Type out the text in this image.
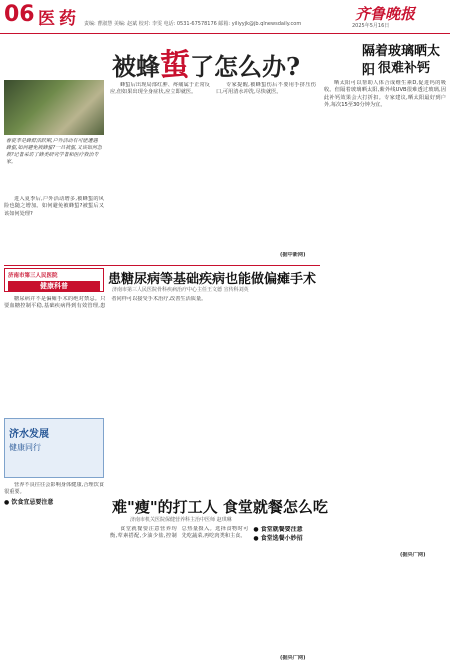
06 医药 责编: 曹淑慧 美编: 赵斌 校对: 李雯 电话: 0531-67578176 邮箱: yiliyyjk@jb.qlnewsdaily.com
齐鲁晚报
2025年5月16日
被蜂蜇了怎么办?
春夏季是蜂群活跃期,户外活动有可能遭遇蜂蜇,如何避免被蜂蜇?一旦被蜇,又该如何急救?记者采访了蜂类研究学者和医疗救治专家。

进入夏季后,户外活动增多,被蜂蜇的风险也随之增加。如何避免被蜂蜇?被蜇后又该如何处理?

蜂蜇后出现局部红肿、疼痛属于正常反应,但如果出现全身症状,应立即就医。

专家提醒,被蜂蜇伤后不要用手挤压伤口,可用清水冲洗,尽快就医。

(据中新网)
隔着玻璃晒太阳 很难补钙

晒太阳可以帮助人体合成维生素D,促进钙的吸收。但隔着玻璃晒太阳,紫外线UVB很难透过玻璃,因此补钙效果会大打折扣。专家建议,晒太阳最好到户外,每次15至30分钟为宜。

(据央广网)
济南市第三人民医院
健康科普	患糖尿病等基础疾病也能做偏瘫手术
济南市第三人民医院骨科疾病治疗中心主任王文德 宣传科刘英

糖尿病并不是偏瘫手术的绝对禁忌。只要血糖控制平稳,基础疾病得到有效管理,患者同样可以接受手术治疗,改善生活质量。

济水发展
健康同行

营养不良往往会影响身体健康,合理饮食很重要。

● 饮食宜忌要注意	难"瘦"的打工人 食堂就餐怎么吃
济南市机关医院保健营养科主治中医师 赵琪琳

食堂就餐要注意营养均衡,荤素搭配,少油少盐,控制总热量摄入。选择食物时可先吃蔬菜,再吃肉类和主食。

● 食堂就餐要注意
● 食堂选餐小妙招
(据央广网)
